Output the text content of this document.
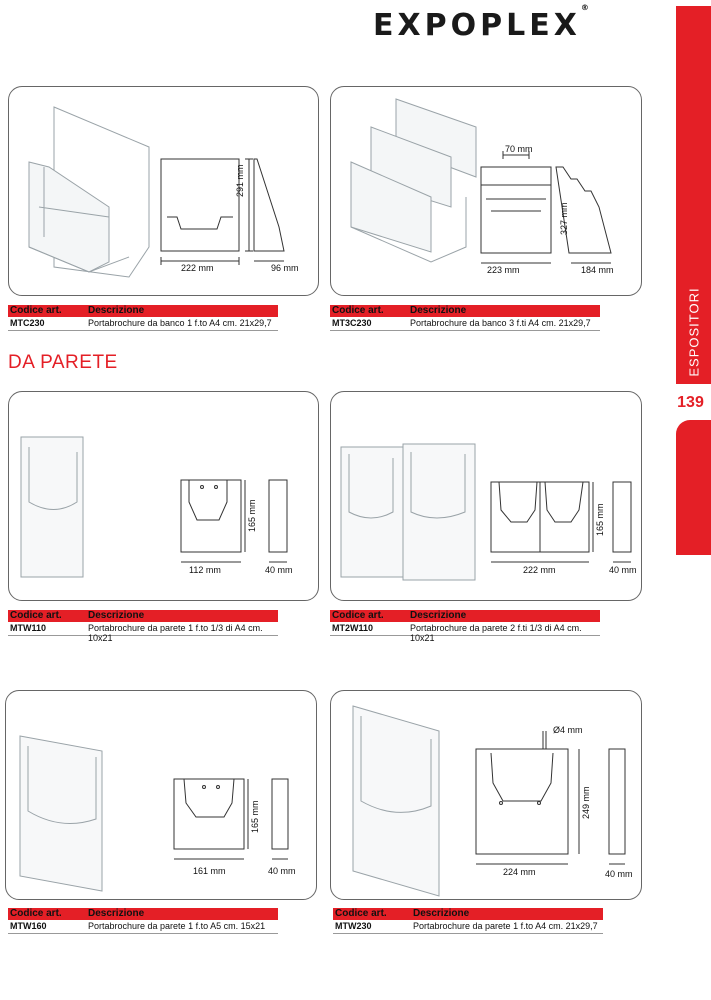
EXPOPLEX®
ESPOSITORI
139
DA PARETE
222 mm
291 mm
96 mm
70 mm
327 mm
223 mm	184 mm
Codice art.	Descrizione
MTC230	Portabrochure da banco 1 f.to A4 cm. 21x29,7
Codice art.	Descrizione
MT3C230	Portabrochure da banco 3 f.ti A4 cm. 21x29,7
165 mm
112 mm	40 mm
165 mm
222 mm	40 mm
Codice art.	Descrizione
MTW110	Portabrochure da parete 1 f.to 1/3 di A4 cm. 10x21
Codice art.	Descrizione
MT2W110	Portabrochure da parete 2 f.ti 1/3 di A4 cm. 10x21
165 mm
161 mm	40 mm
Ø4 mm
249 mm
224 mm	40 mm
Codice art.	Descrizione
MTW160	Portabrochure da parete 1 f.to A5 cm. 15x21
Codice art.	Descrizione
MTW230	Portabrochure da parete 1 f.to A4 cm. 21x29,7
